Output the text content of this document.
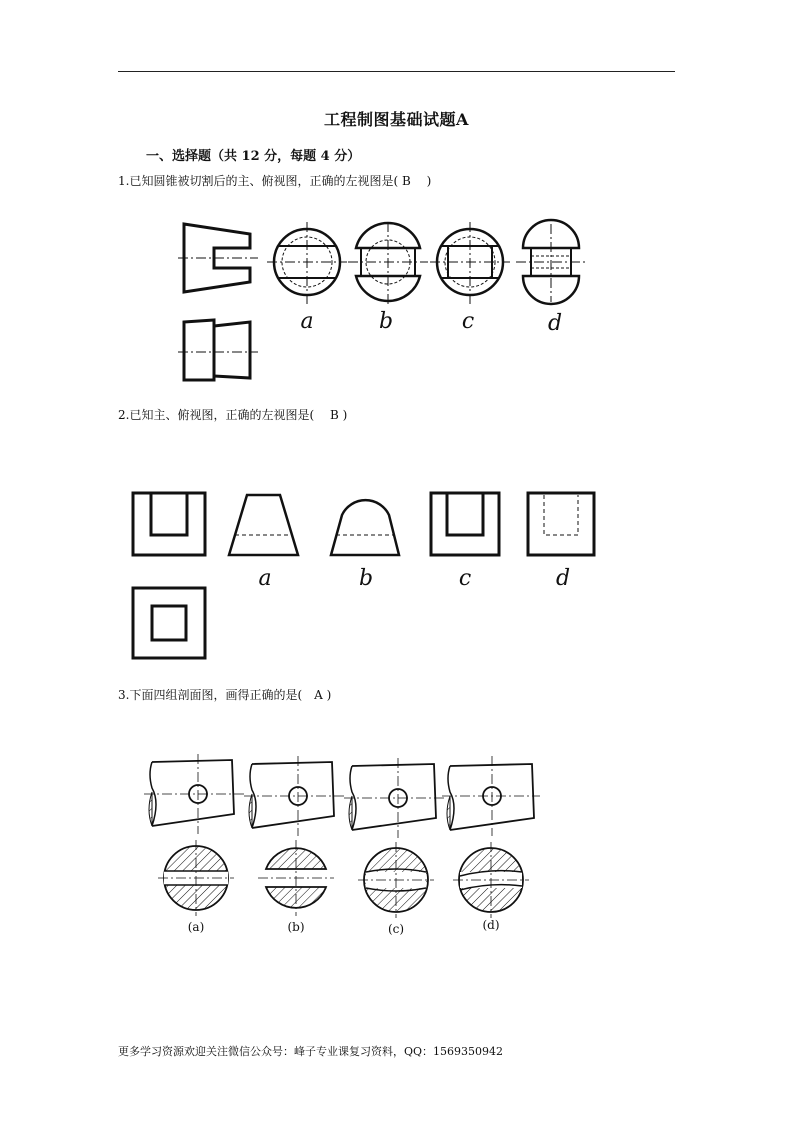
工程制图基础试题A
一、选择题（共 12 分，每题 4 分）
1.已知圆锥被切割后的主、俯视图，正确的左视图是( B　 )
a	b	c	d
2.已知主、俯视图，正确的左视图是(　 B )
a	b	c	d
3.下面四组剖面图，画得正确的是(　A )
(a)	(b)	(c)	(d)
更多学习资源欢迎关注微信公众号：峰子专业课复习资料，QQ：1569350942
